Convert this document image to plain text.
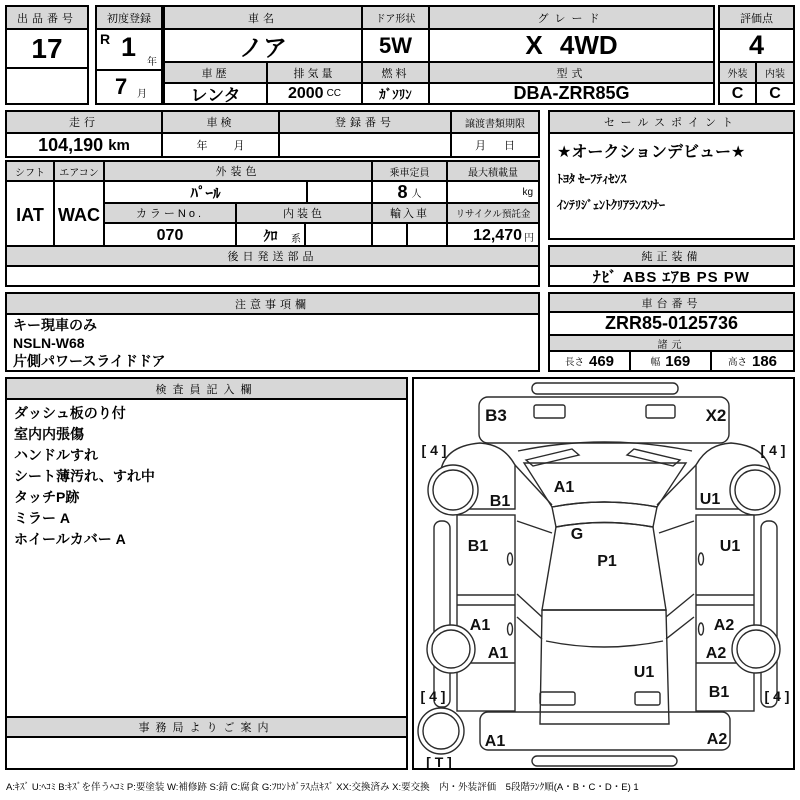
出品番号
17
初度登録
R 1
年
7 月
車名
ノア
車歴	排気量
レンタ	2000 CC
ドア形状
5W
燃料
ｶﾞｿﾘﾝ
グレード
X 4WD
型式
DBA-ZRR85G
評価点
4
外装	内装
C	C
走行
104,190 km
車検
年 月
登録番号	譲渡書類期限
月 日
セールスポイント
★オークションデビュー★
ﾄﾖﾀ ｾｰﾌﾃｨｾﾝｽ
ｲﾝﾃﾘｼﾞｪﾝﾄｸﾘｱﾗﾝｽｿﾅｰ
シフト
IAT
エアコン
WAC
外装色
ﾊﾟｰﾙ
カラーNo.	内装色
070	ｸﾛ 系
乗車定員
8 人
輸入車
最大積載量
kg
リサイクル預託金
12,470 円
後日発送部品	純正装備
ﾅﾋﾞ ABS ｴｱB PS PW
注意事項欄
キー現車のみ
NSLN-W68
片側パワースライドドア
車台番号
ZRR85-0125736
諸元
長さ 469	幅 169	高さ 186
検査員記入欄
ダッシュ板のり付
室内内張傷
ハンドルすれ
シート薄汚れ、すれ中
タッチP跡
ミラー A
ホイールカバー A
事務局よりご案内
B3	X2
A1
B1	U1
B1	U1
G
P1
A1	A2
A1	A2
U1
B1
A1	A2
[ 4 ]	[ 4 ]
[ 4 ]	[ 4 ]
[ T ]
A:ｷｽﾞ U:ﾍｺﾐ B:ｷｽﾞを伴うﾍｺﾐ P:要塗装 W:補修跡 S:錆 C:腐食 G:ﾌﾛﾝﾄｶﾞﾗｽ点ｷｽﾞ XX:交換済み X:要交換　内・外装評価　5段階ﾗﾝｸ順(A・B・C・D・E) 1
